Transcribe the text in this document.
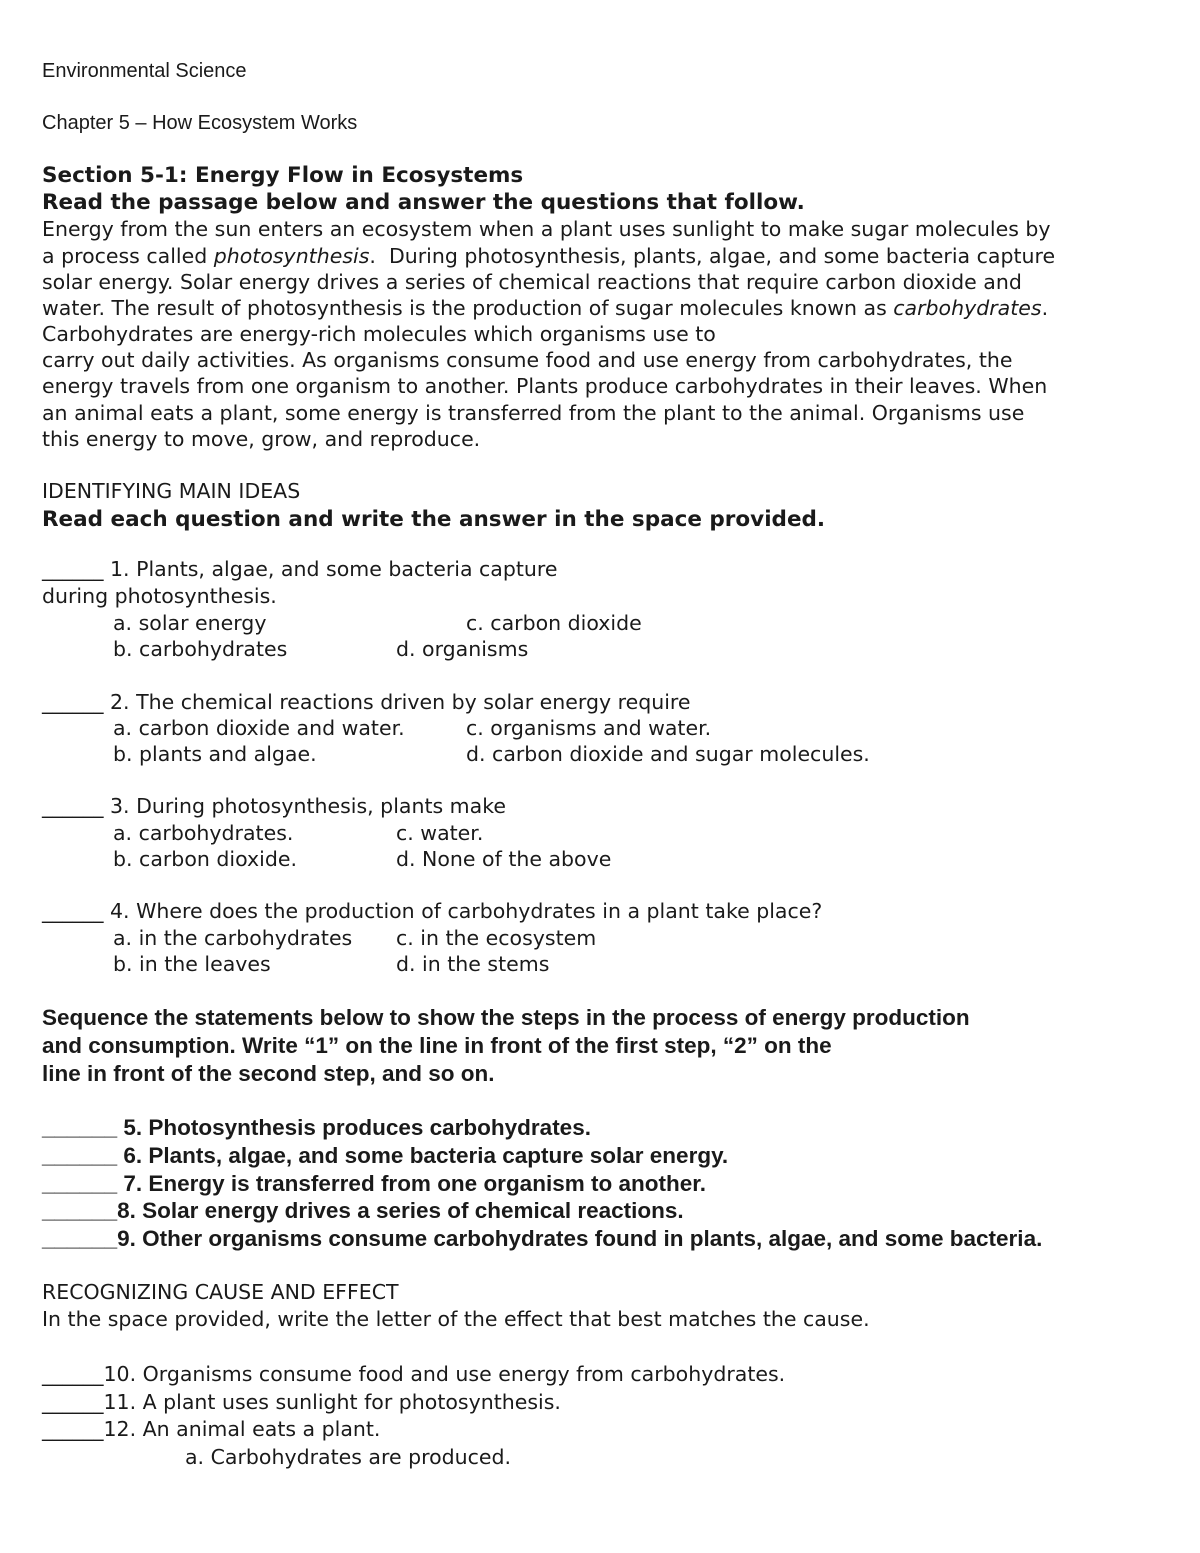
Environmental Science
Chapter 5 – How Ecosystem Works
Section 5-1: Energy Flow in Ecosystems
Read the passage below and answer the questions that follow.
Energy from the sun enters an ecosystem when a plant uses sunlight to make sugar molecules by
a process called photosynthesis.  During photosynthesis, plants, algae, and some bacteria capture
solar energy. Solar energy drives a series of chemical reactions that require carbon dioxide and
water. The result of photosynthesis is the production of sugar molecules known as carbohydrates.
Carbohydrates are energy-rich molecules which organisms use to
carry out daily activities. As organisms consume food and use energy from carbohydrates, the
energy travels from one organism to another. Plants produce carbohydrates in their leaves. When
an animal eats a plant, some energy is transferred from the plant to the animal. Organisms use
this energy to move, grow, and reproduce.
IDENTIFYING MAIN IDEAS
Read each question and write the answer in the space provided.
______ 1. Plants, algae, and some bacteria capture
during photosynthesis.
a. solar energy	c. carbon dioxide
b. carbohydrates	d. organisms
______ 2. The chemical reactions driven by solar energy require
a. carbon dioxide and water.	c. organisms and water.
b. plants and algae.	d. carbon dioxide and sugar molecules.
______ 3. During photosynthesis, plants make
a. carbohydrates.	c. water.
b. carbon dioxide.	d. None of the above
______ 4. Where does the production of carbohydrates in a plant take place?
a. in the carbohydrates c. in the ecosystem
b. in the leaves	d. in the stems
Sequence the statements below to show the steps in the process of energy production
and consumption. Write “1” on the line in front of the first step, “2” on the
line in front of the second step, and so on.
______ 5. Photosynthesis produces carbohydrates.
______ 6. Plants, algae, and some bacteria capture solar energy.
______ 7. Energy is transferred from one organism to another.
______8. Solar energy drives a series of chemical reactions.
______9. Other organisms consume carbohydrates found in plants, algae, and some bacteria.
RECOGNIZING CAUSE AND EFFECT
In the space provided, write the letter of the effect that best matches the cause.
______10. Organisms consume food and use energy from carbohydrates.
______11. A plant uses sunlight for photosynthesis.
______12. An animal eats a plant.
a. Carbohydrates are produced.
